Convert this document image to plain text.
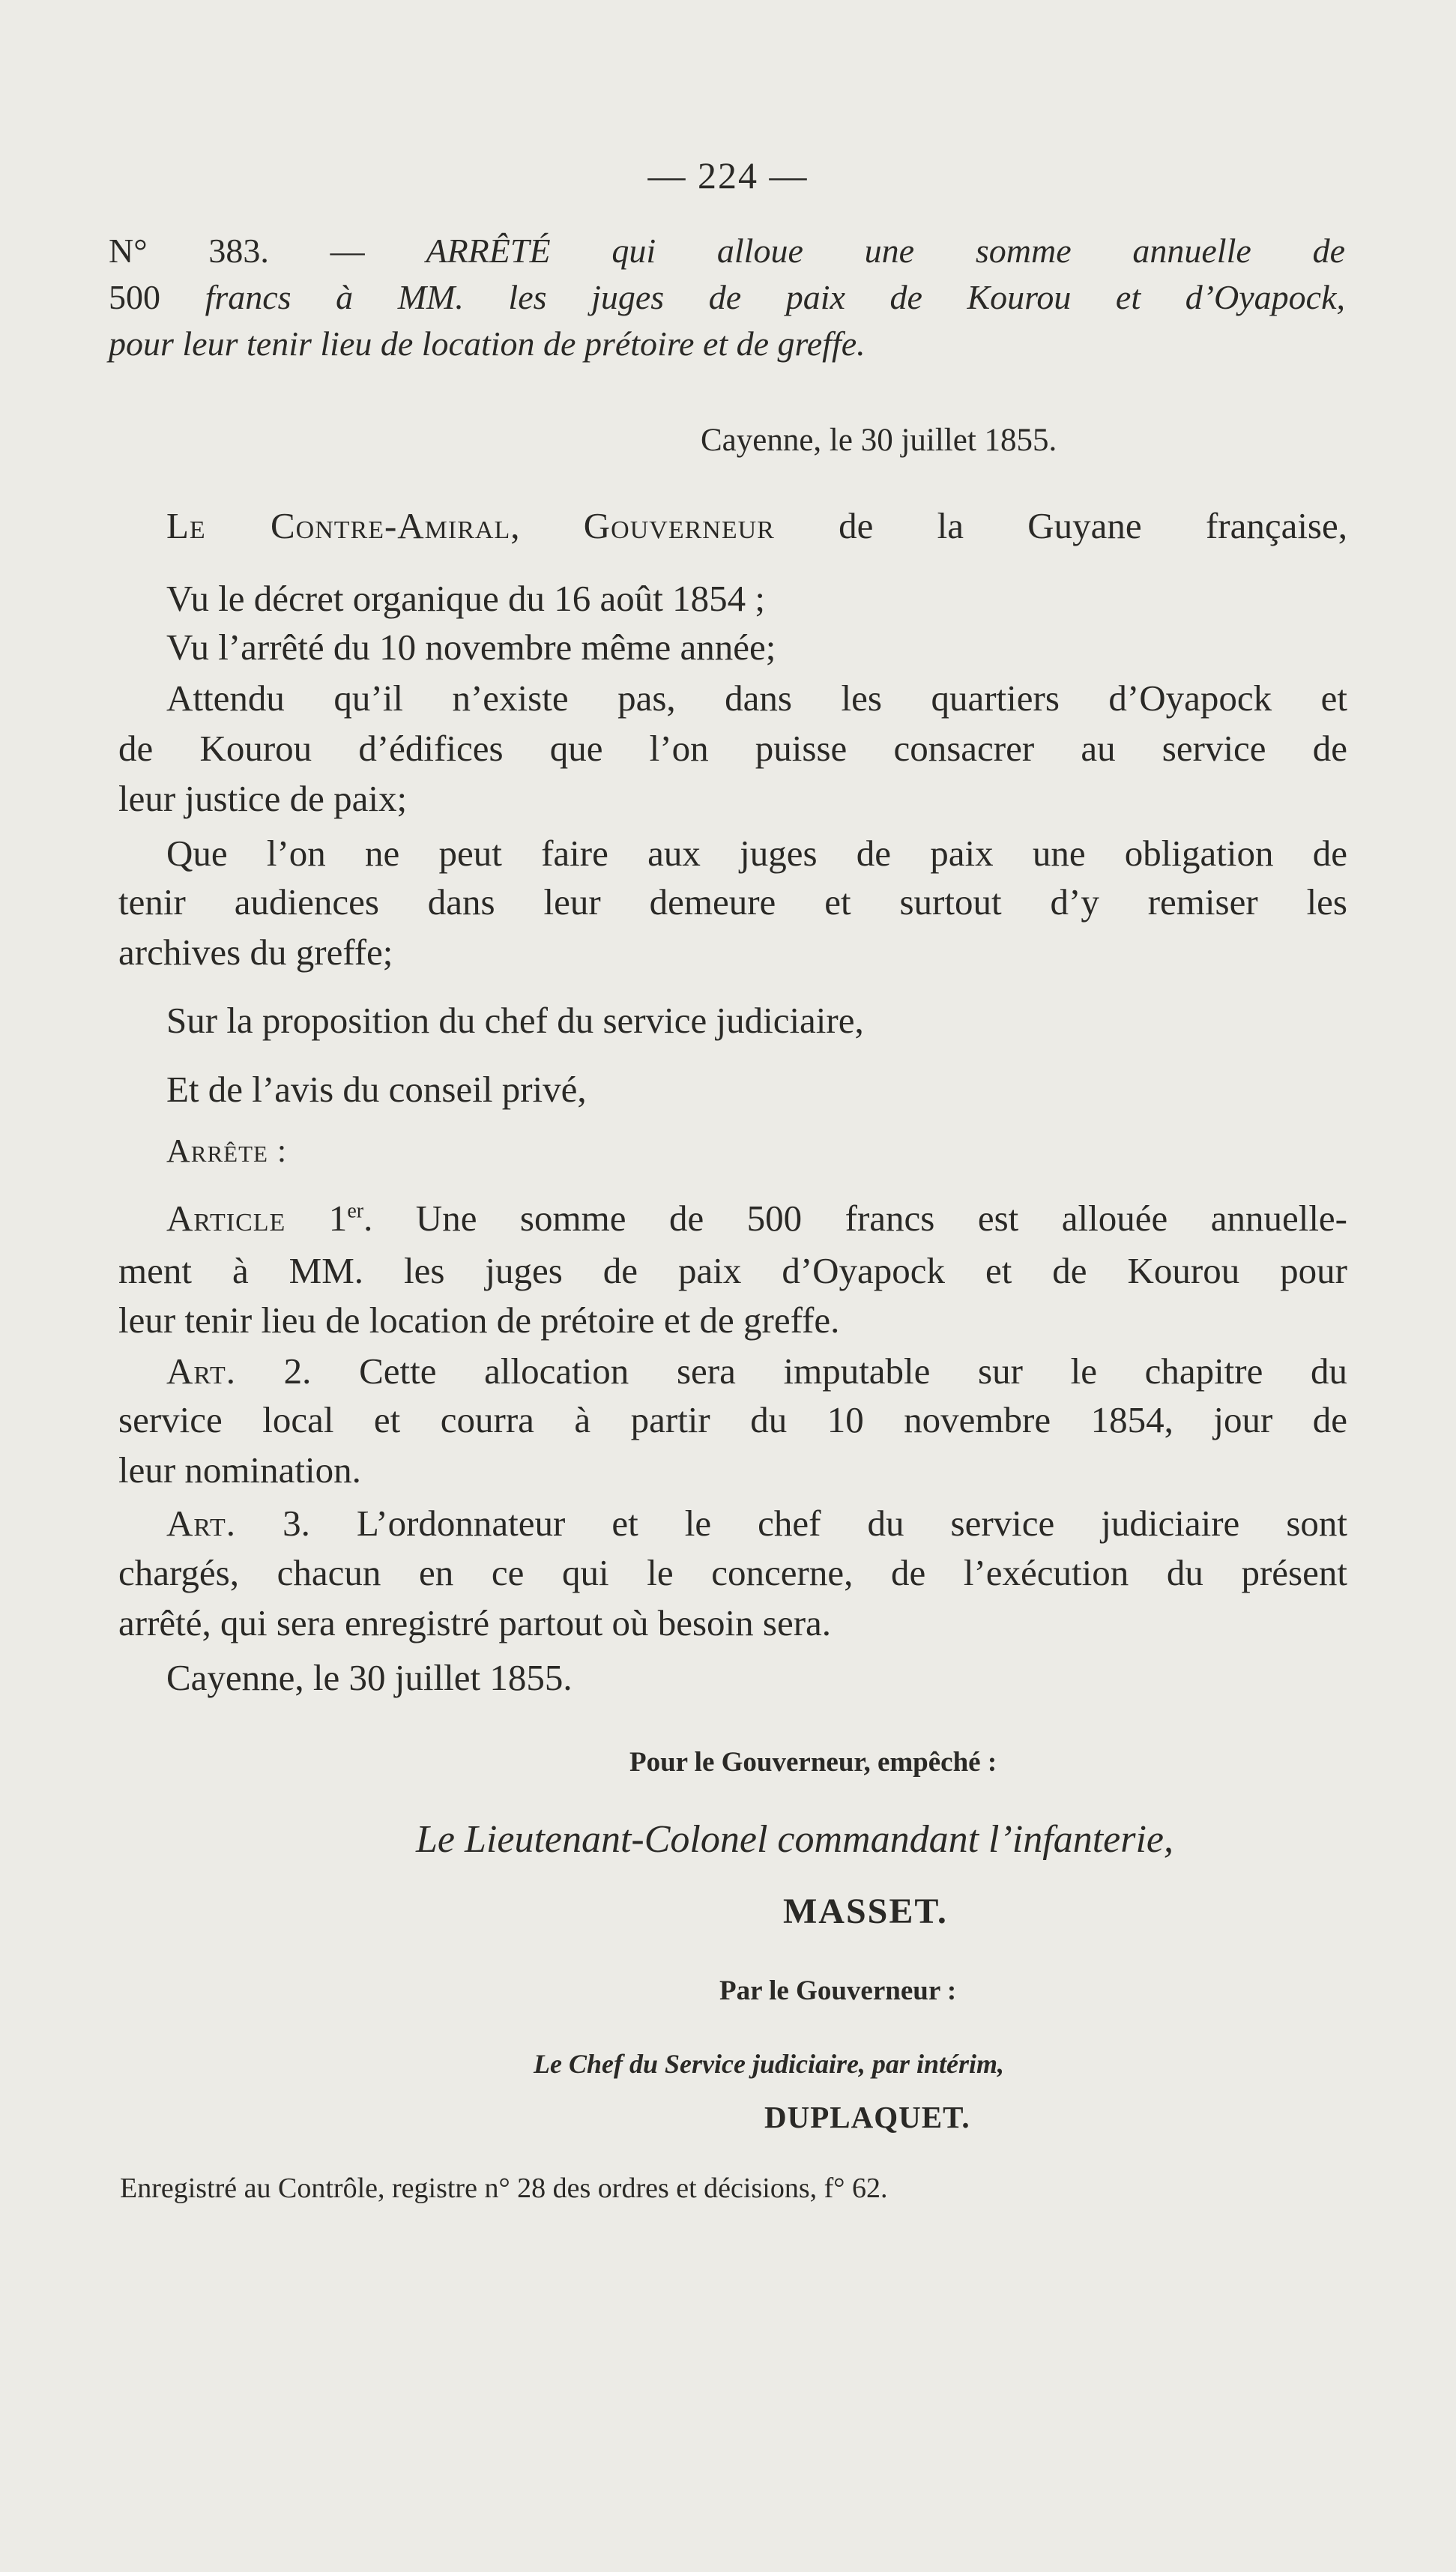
— 224 —
N° 383. — ARRÊTÉ qui alloue une somme annuelle de
500 francs à MM. les juges de paix de Kourou et d’Oyapock,
pour leur tenir lieu de location de prétoire et de greffe.
Cayenne, le 30 juillet 1855.
Le Contre-Amiral, Gouverneur de la Guyane française,
Vu le décret organique du 16 août 1854 ;
Vu l’arrêté du 10 novembre même année;
Attendu qu’il n’existe pas, dans les quartiers d’Oyapock et
de Kourou d’édifices que l’on puisse consacrer au service de
leur justice de paix;
Que l’on ne peut faire aux juges de paix une obligation de
tenir audiences dans leur demeure et surtout d’y remiser les
archives du greffe;
Sur la proposition du chef du service judiciaire,
Et de l’avis du conseil privé,
Arrête :
Article 1er. Une somme de 500 francs est allouée annuelle-
ment à MM. les juges de paix d’Oyapock et de Kourou pour
leur tenir lieu de location de prétoire et de greffe.
Art. 2. Cette allocation sera imputable sur le chapitre du
service local et courra à partir du 10 novembre 1854, jour de
leur nomination.
Art. 3. L’ordonnateur et le chef du service judiciaire sont
chargés, chacun en ce qui le concerne, de l’exécution du présent
arrêté, qui sera enregistré partout où besoin sera.
Cayenne, le 30 juillet 1855.
Pour le Gouverneur, empêché :
Le Lieutenant-Colonel commandant l’infanterie,
MASSET.
Par le Gouverneur :
Le Chef du Service judiciaire, par intérim,
DUPLAQUET.
Enregistré au Contrôle, registre n° 28 des ordres et décisions, f° 62.
